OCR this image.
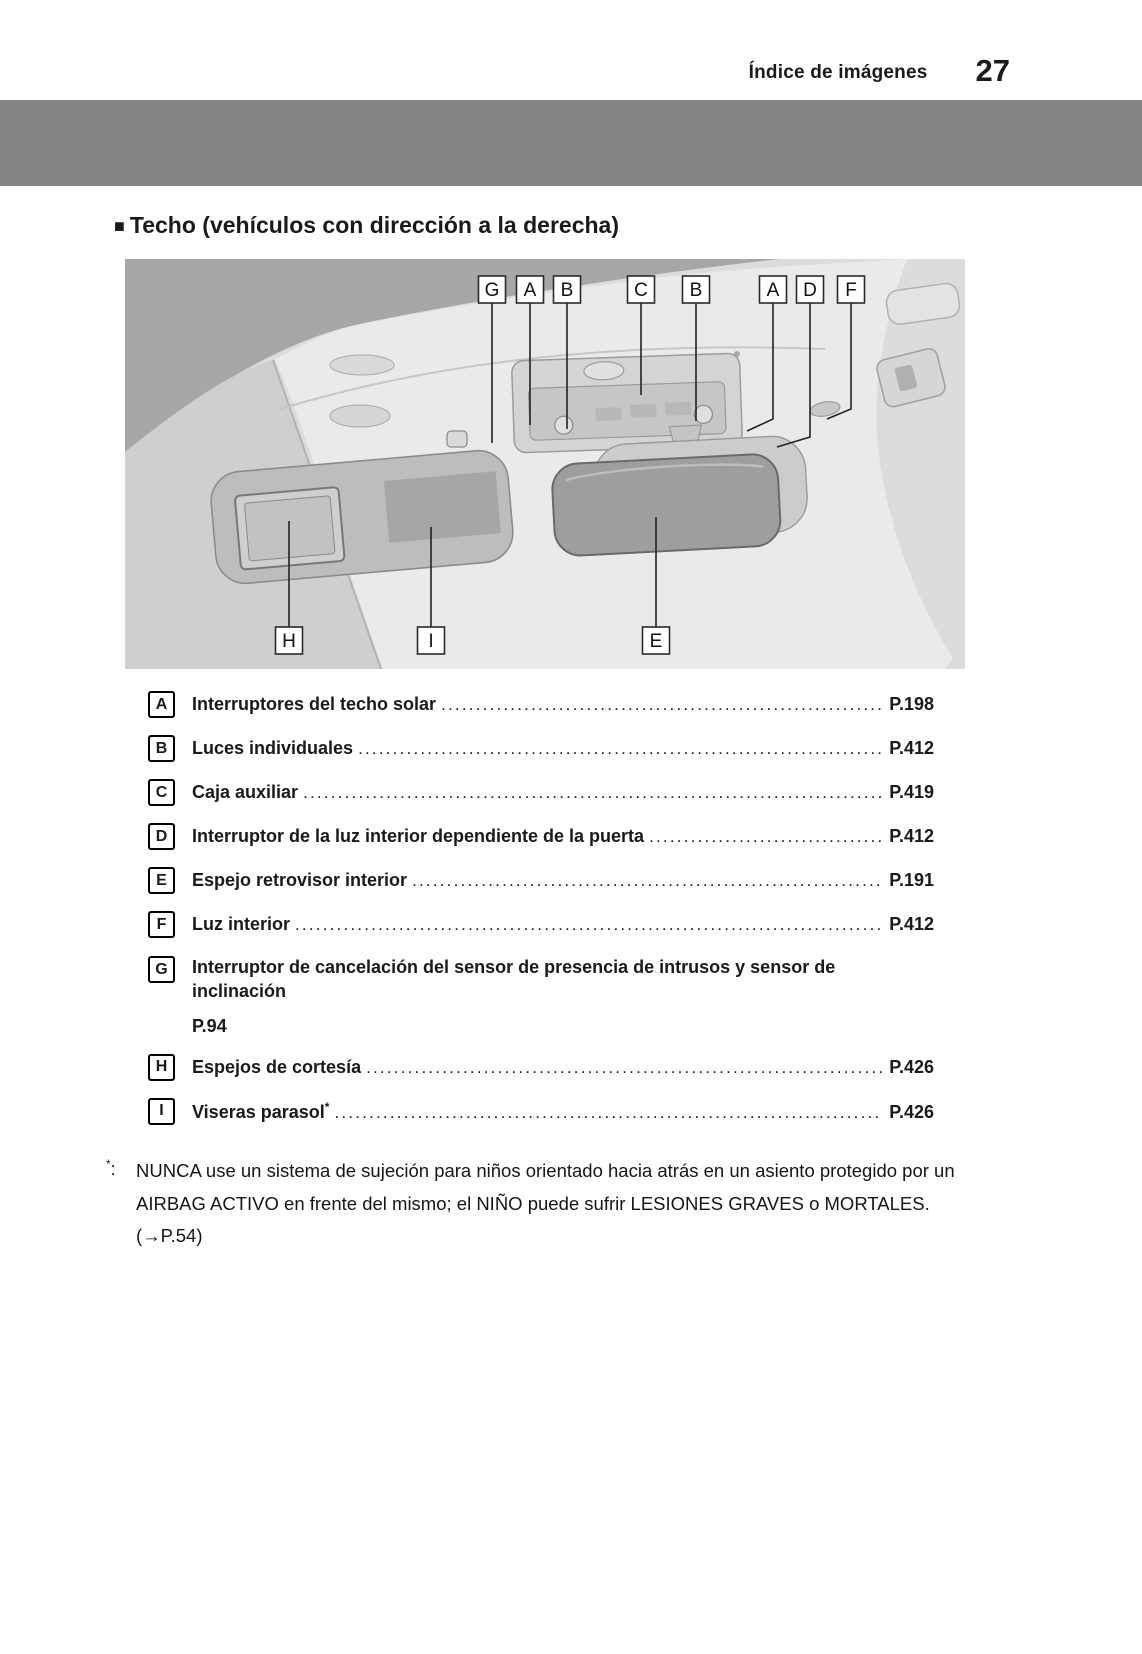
Índice de imágenes 27
■ Techo (vehículos con dirección a la derecha)
G A B	C B	A D F
H	I	E
A	Interruptores del techo solar .....	P.198
B	Luces individuales .....	P.412
C	Caja auxiliar .....	P.419
D	Interruptor de la luz interior dependiente de la puerta .....	P.412
E	Espejo retrovisor interior .....	P.191
F	Luz interior .....	P.412
G	Interruptor de cancelación del sensor de presencia de intrusos y sensor de inclinación
P.94
H	Espejos de cortesía .....	P.426
I	Viseras parasol* .....	P.426
*: NUNCA use un sistema de sujeción para niños orientado hacia atrás en un asiento protegido por un AIRBAG ACTIVO en frente del mismo; el NIÑO puede sufrir LESIONES GRAVES o MORTALES. (→P.54)
